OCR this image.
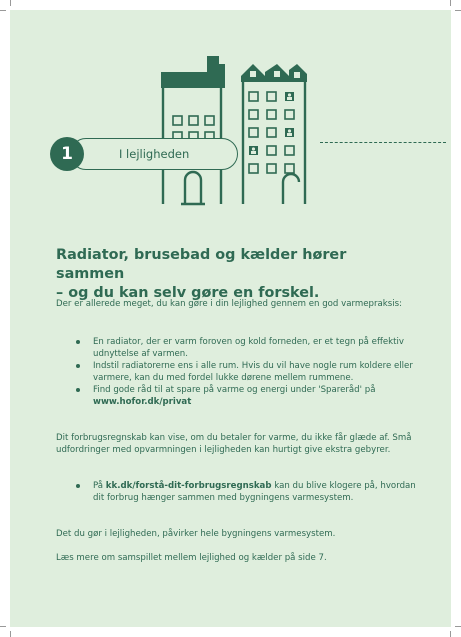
I lejligheden
1
Radiator, brusebad og kælder hører sammen
– og du kan selv gøre en forskel.
Der er allerede meget, du kan gøre i din lejlighed gennem en god varmepraksis:
En radiator, der er varm foroven og kold forneden, er et tegn på effektiv udnyttelse af varmen.
Indstil radiatorerne ens i alle rum. Hvis du vil have nogle rum koldere eller varmere, kan du med fordel lukke dørene mellem rummene.
Find gode råd til at spare på varme og energi under 'Spareråd' på www.hofor.dk/privat
Dit forbrugsregnskab kan vise, om du betaler for varme, du ikke får glæde af. Små udfordringer med opvarmningen i lejligheden kan hurtigt give ekstra gebyrer.
På kk.dk/forstå-dit-forbrugsregnskab kan du blive klogere på, hvordan dit forbrug hænger sammen med bygningens varmesystem.
Det du gør i lejligheden, påvirker hele bygningens varmesystem.
Læs mere om samspillet mellem lejlighed og kælder på side 7.
